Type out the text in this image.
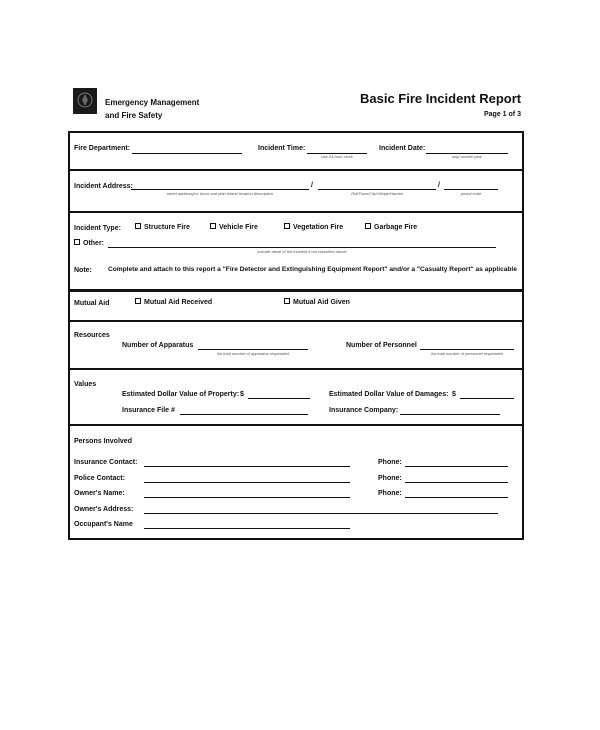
Emergency Management
and Fire Safety
Basic Fire Incident Report
Page 1 of 3
Fire Department:	Incident Time:
use 24-hour clock
Incident Date:
day/ month/ year
Incident Address:
street address(lot, block and plan #/land location description
/
RM/Town/City/Village/Hamlet
/
postal code
Incident Type:	Structure Fire	Vehicle Fire	Vegetation Fire	Garbage Fire
Other:
provide detail of fire incident if not classified above
Note: Complete and attach to this report a "Fire Detector and Extinguishing Equipment Report" and/or a "Casualty Report" as applicable
Mutual Aid	Mutual Aid Received	Mutual Aid Given
Resources
Number of Apparatus
list total number of apparatus responded
Number of Personnel
list total number of personnel responded
Values
Estimated Dollar Value of Property: $	Estimated Dollar Value of Damages: $
Insurance File #	Insurance Company:
Persons Involved
Insurance Contact:	Phone:
Police Contact:	Phone:
Owner's Name:	Phone:
Owner's Address:
Occupant's Name
